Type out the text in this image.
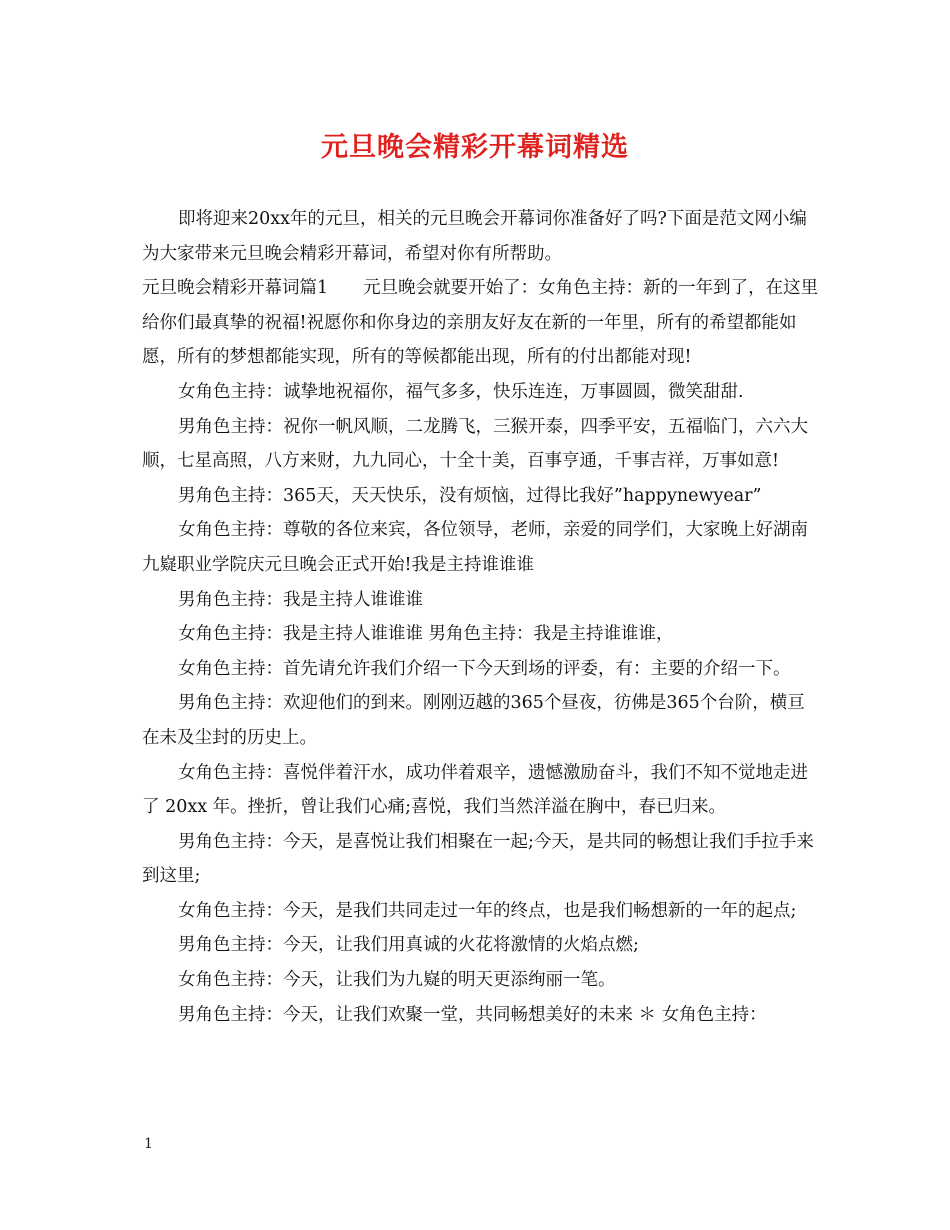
元旦晚会精彩开幕词精选

即将迎来20xx年的元旦，相关的元旦晚会开幕词你准备好了吗?下面是范文网小编为大家带来元旦晚会精彩开幕词，希望对你有所帮助。

元旦晚会精彩开幕词篇1　　元旦晚会就要开始了：女角色主持：新的一年到了，在这里给你们最真挚的祝福!祝愿你和你身边的亲朋友好友在新的一年里，所有的希望都能如愿，所有的梦想都能实现，所有的等候都能出现，所有的付出都能对现!

女角色主持：诚挚地祝福你，福气多多，快乐连连，万事圆圆，微笑甜甜.

男角色主持：祝你一帆风顺，二龙腾飞，三猴开泰，四季平安，五福临门，六六大顺，七星高照，八方来财，九九同心，十全十美，百事亨通，千事吉祥，万事如意!

男角色主持：365天，天天快乐，没有烦恼，过得比我好”happynewyear”

女角色主持：尊敬的各位来宾，各位领导，老师，亲爱的同学们，大家晚上好湖南九嶷职业学院庆元旦晚会正式开始!我是主持谁谁谁

男角色主持：我是主持人谁谁谁

女角色主持：我是主持人谁谁谁 男角色主持：我是主持谁谁谁，

女角色主持：首先请允许我们介绍一下今天到场的评委，有：主要的介绍一下。

男角色主持：欢迎他们的到来。刚刚迈越的365个昼夜，彷佛是365个台阶，横亘在未及尘封的历史上。

女角色主持：喜悦伴着汗水，成功伴着艰辛，遗憾激励奋斗，我们不知不觉地走进了 20xx 年。挫折，曾让我们心痛;喜悦，我们当然洋溢在胸中，春已归来。

男角色主持：今天，是喜悦让我们相聚在一起;今天，是共同的畅想让我们手拉手来到这里;

女角色主持：今天，是我们共同走过一年的终点，也是我们畅想新的一年的起点;

男角色主持：今天，让我们用真诚的火花将激情的火焰点燃;

女角色主持：今天，让我们为九嶷的明天更添绚丽一笔。

男角色主持：今天，让我们欢聚一堂，共同畅想美好的未来 ＊ 女角色主持：

1
